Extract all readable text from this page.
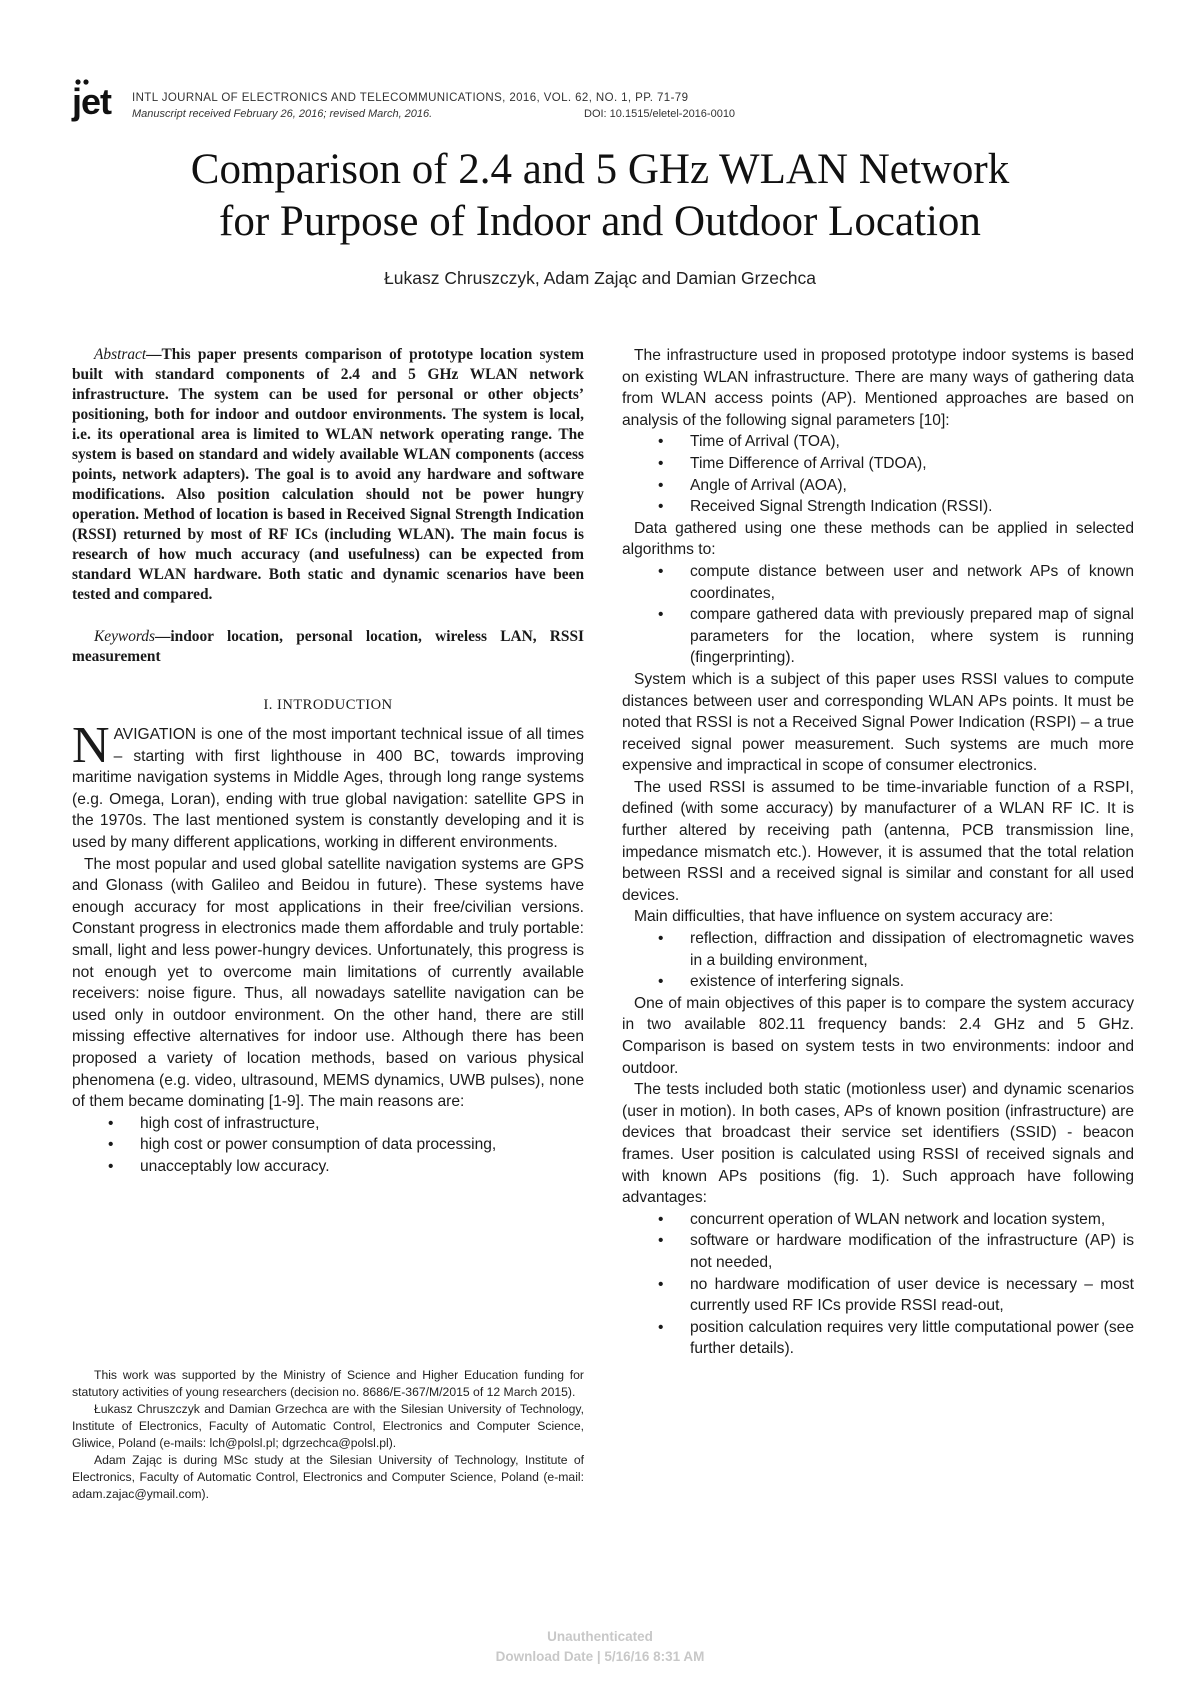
jet INTL JOURNAL OF ELECTRONICS AND TELECOMMUNICATIONS, 2016, VOL. 62, NO. 1, PP. 71-79
Manuscript received February 26, 2016; revised March, 2016.	DOI: 10.1515/eletel-2016-0010
Comparison of 2.4 and 5 GHz WLAN Network
for Purpose of Indoor and Outdoor Location
Łukasz Chruszczyk, Adam Zając and Damian Grzechca

Abstract—This paper presents comparison of prototype location system built with standard components of 2.4 and 5 GHz WLAN network infrastructure. The system can be used for personal or other objects’ positioning, both for indoor and outdoor environments. The system is local, i.e. its operational area is limited to WLAN network operating range. The system is based on standard and widely available WLAN components (access points, network adapters). The goal is to avoid any hardware and software modifications. Also position calculation should not be power hungry operation. Method of location is based in Received Signal Strength Indication (RSSI) returned by most of RF ICs (including WLAN). The main focus is research of how much accuracy (and usefulness) can be expected from standard WLAN hardware. Both static and dynamic scenarios have been tested and compared.

Keywords—indoor location, personal location, wireless LAN, RSSI measurement

I. INTRODUCTION

NAVIGATION is one of the most important technical issue of all times – starting with first lighthouse in 400 BC, towards improving maritime navigation systems in Middle Ages, through long range systems (e.g. Omega, Loran), ending with true global navigation: satellite GPS in the 1970s. The last mentioned system is constantly developing and it is used by many different applications, working in different environments.

The most popular and used global satellite navigation systems are GPS and Glonass (with Galileo and Beidou in future). These systems have enough accuracy for most applications in their free/civilian versions. Constant progress in electronics made them affordable and truly portable: small, light and less power-hungry devices. Unfortunately, this progress is not enough yet to overcome main limitations of currently available receivers: noise figure. Thus, all nowadays satellite navigation can be used only in outdoor environment. On the other hand, there are still missing effective alternatives for indoor use. Although there has been proposed a variety of location methods, based on various physical phenomena (e.g. video, ultrasound, MEMS dynamics, UWB pulses), none of them became dominating [1-9]. The main reasons are:

• high cost of infrastructure,
• high cost or power consumption of data processing,
• unacceptably low accuracy.

This work was supported by the Ministry of Science and Higher Education funding for statutory activities of young researchers (decision no. 8686/E-367/M/2015 of 12 March 2015).

Łukasz Chruszczyk and Damian Grzechca are with the Silesian University of Technology, Institute of Electronics, Faculty of Automatic Control, Electronics and Computer Science, Gliwice, Poland (e-mails: lch@polsl.pl; dgrzechca@polsl.pl).

Adam Zając is during MSc study at the Silesian University of Technology, Institute of Electronics, Faculty of Automatic Control, Electronics and Computer Science, Poland (e-mail: adam.zajac@ymail.com).

The infrastructure used in proposed prototype indoor systems is based on existing WLAN infrastructure. There are many ways of gathering data from WLAN access points (AP). Mentioned approaches are based on analysis of the following signal parameters [10]:

• Time of Arrival (TOA),
• Time Difference of Arrival (TDOA),
• Angle of Arrival (AOA),
• Received Signal Strength Indication (RSSI).

Data gathered using one these methods can be applied in selected algorithms to:

• compute distance between user and network APs of known coordinates,
• compare gathered data with previously prepared map of signal parameters for the location, where system is running (fingerprinting).

System which is a subject of this paper uses RSSI values to compute distances between user and corresponding WLAN APs points. It must be noted that RSSI is not a Received Signal Power Indication (RSPI) – a true received signal power measurement. Such systems are much more expensive and impractical in scope of consumer electronics.

The used RSSI is assumed to be time-invariable function of a RSPI, defined (with some accuracy) by manufacturer of a WLAN RF IC. It is further altered by receiving path (antenna, PCB transmission line, impedance mismatch etc.). However, it is assumed that the total relation between RSSI and a received signal is similar and constant for all used devices.

Main difficulties, that have influence on system accuracy are:

• reflection, diffraction and dissipation of electromagnetic waves in a building environment,
• existence of interfering signals.

One of main objectives of this paper is to compare the system accuracy in two available 802.11 frequency bands: 2.4 GHz and 5 GHz. Comparison is based on system tests in two environments: indoor and outdoor.

The tests included both static (motionless user) and dynamic scenarios (user in motion). In both cases, APs of known position (infrastructure) are devices that broadcast their service set identifiers (SSID) - beacon frames. User position is calculated using RSSI of received signals and with known APs positions (fig. 1). Such approach have following advantages:

• concurrent operation of WLAN network and location system,
• software or hardware modification of the infrastructure (AP) is not needed,
• no hardware modification of user device is necessary – most currently used RF ICs provide RSSI read-out,
• position calculation requires very little computational power (see further details).
Unauthenticated
Download Date | 5/16/16 8:31 AM
